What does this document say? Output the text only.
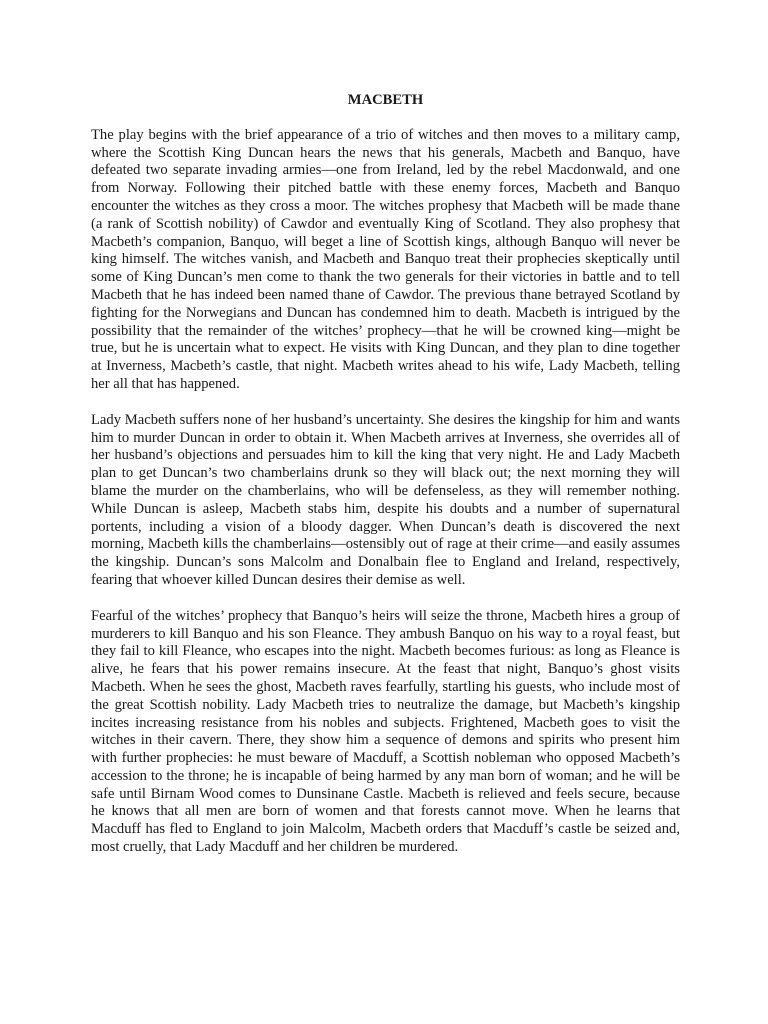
MACBETH

The play begins with the brief appearance of a trio of witches and then moves to a military camp, where the Scottish King Duncan hears the news that his generals, Macbeth and Banquo, have defeated two separate invading armies—one from Ireland, led by the rebel Macdonwald, and one from Norway. Following their pitched battle with these enemy forces, Macbeth and Banquo encounter the witches as they cross a moor. The witches prophesy that Macbeth will be made thane (a rank of Scottish nobility) of Cawdor and eventually King of Scotland. They also prophesy that Macbeth’s companion, Banquo, will beget a line of Scottish kings, although Banquo will never be king himself. The witches vanish, and Macbeth and Banquo treat their prophecies skeptically until some of King Duncan’s men come to thank the two generals for their victories in battle and to tell Macbeth that he has indeed been named thane of Cawdor. The previous thane betrayed Scotland by fighting for the Norwegians and Duncan has condemned him to death. Macbeth is intrigued by the possibility that the remainder of the witches’ prophecy—that he will be crowned king—might be true, but he is uncertain what to expect. He visits with King Duncan, and they plan to dine together at Inverness, Macbeth’s castle, that night. Macbeth writes ahead to his wife, Lady Macbeth, telling her all that has happened.

Lady Macbeth suffers none of her husband’s uncertainty. She desires the kingship for him and wants him to murder Duncan in order to obtain it. When Macbeth arrives at Inverness, she overrides all of her husband’s objections and persuades him to kill the king that very night. He and Lady Macbeth plan to get Duncan’s two chamberlains drunk so they will black out; the next morning they will blame the murder on the chamberlains, who will be defenseless, as they will remember nothing. While Duncan is asleep, Macbeth stabs him, despite his doubts and a number of supernatural portents, including a vision of a bloody dagger. When Duncan’s death is discovered the next morning, Macbeth kills the chamberlains—ostensibly out of rage at their crime—and easily assumes the kingship. Duncan’s sons Malcolm and Donalbain flee to England and Ireland, respectively, fearing that whoever killed Duncan desires their demise as well.

Fearful of the witches’ prophecy that Banquo’s heirs will seize the throne, Macbeth hires a group of murderers to kill Banquo and his son Fleance. They ambush Banquo on his way to a royal feast, but they fail to kill Fleance, who escapes into the night. Macbeth becomes furious: as long as Fleance is alive, he fears that his power remains insecure. At the feast that night, Banquo’s ghost visits Macbeth. When he sees the ghost, Macbeth raves fearfully, startling his guests, who include most of the great Scottish nobility. Lady Macbeth tries to neutralize the damage, but Macbeth’s kingship incites increasing resistance from his nobles and subjects. Frightened, Macbeth goes to visit the witches in their cavern. There, they show him a sequence of demons and spirits who present him with further prophecies: he must beware of Macduff, a Scottish nobleman who opposed Macbeth’s accession to the throne; he is incapable of being harmed by any man born of woman; and he will be safe until Birnam Wood comes to Dunsinane Castle. Macbeth is relieved and feels secure, because he knows that all men are born of women and that forests cannot move. When he learns that Macduff has fled to England to join Malcolm, Macbeth orders that Macduff’s castle be seized and, most cruelly, that Lady Macduff and her children be murdered.
